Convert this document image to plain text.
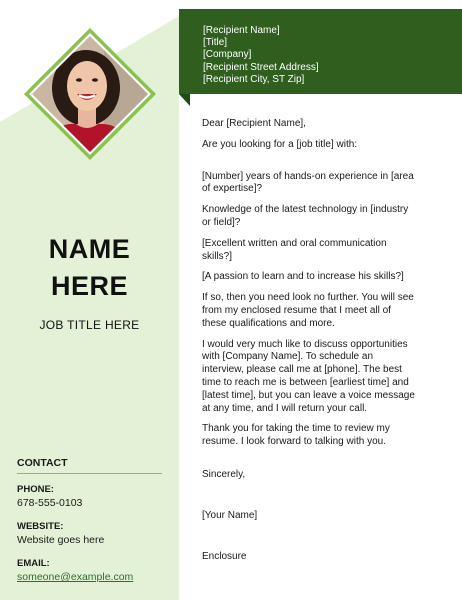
NAME
HERE
JOB TITLE HERE
CONTACT
PHONE:
678-555-0103
WEBSITE:
Website goes here
EMAIL:
someone@example.com
[Recipient Name]
[Title]
[Company]
[Recipient Street Address]
[Recipient City, ST Zip]

Dear [Recipient Name],

Are you looking for a [job title] with:

[Number] years of hands-on experience in [area of expertise]?

Knowledge of the latest technology in [industry or field]?

[Excellent written and oral communication skills?]

[A passion to learn and to increase his skills?]

If so, then you need look no further. You will see from my enclosed resume that I meet all of these qualifications and more.

I would very much like to discuss opportunities with [Company Name]. To schedule an interview, please call me at [phone]. The best time to reach me is between [earliest time] and [latest time], but you can leave a voice message at any time, and I will return your call.

Thank you for taking the time to review my resume. I look forward to talking with you.

Sincerely,

[Your Name]

Enclosure
